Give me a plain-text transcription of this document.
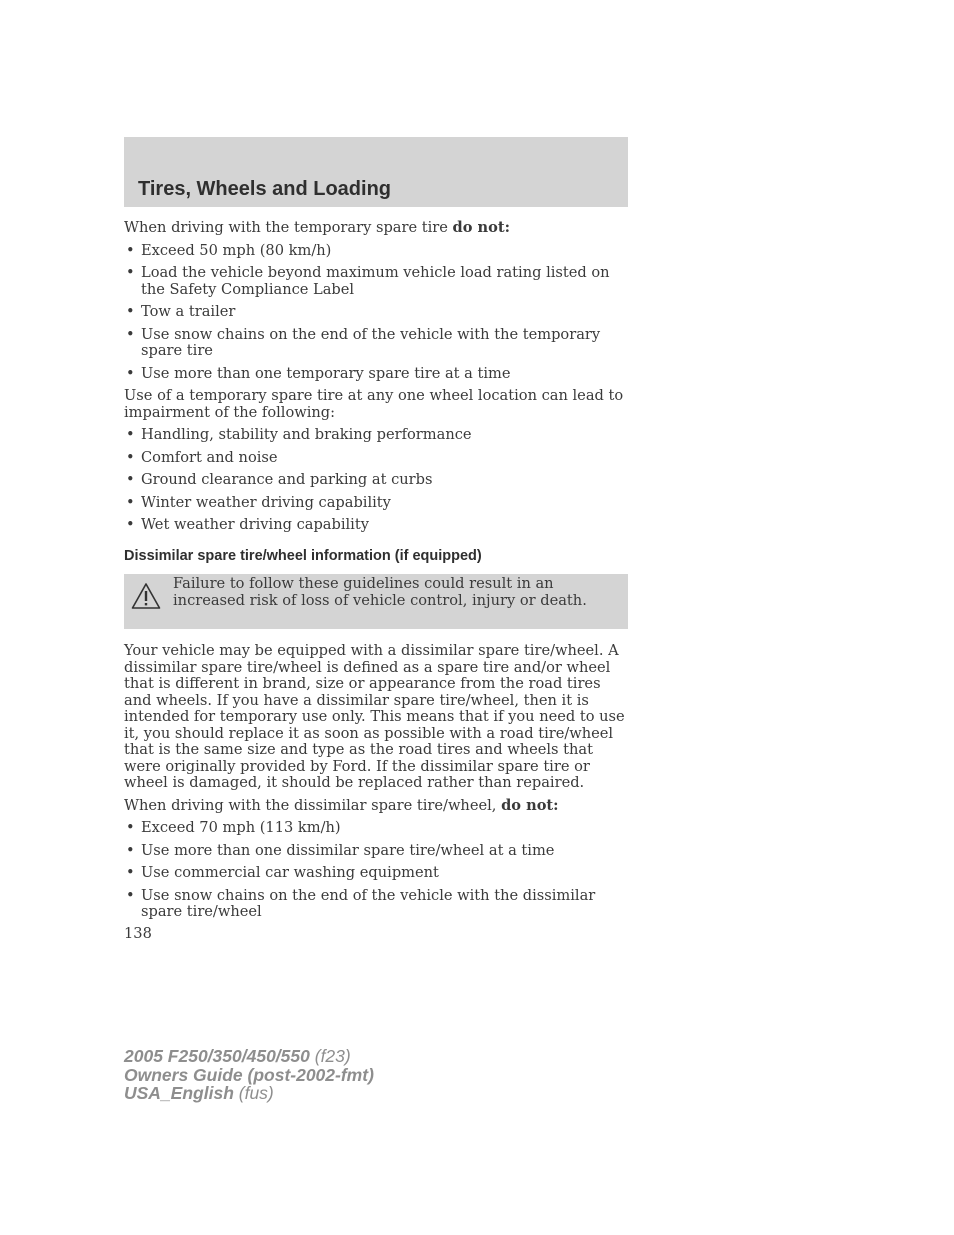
Tires, Wheels and Loading

When driving with the temporary spare tire do not:

• Exceed 50 mph (80 km/h)
• Load the vehicle beyond maximum vehicle load rating listed on the Safety Compliance Label
• Tow a trailer
• Use snow chains on the end of the vehicle with the temporary spare tire
• Use more than one temporary spare tire at a time

Use of a temporary spare tire at any one wheel location can lead to impairment of the following:

• Handling, stability and braking performance
• Comfort and noise
• Ground clearance and parking at curbs
• Winter weather driving capability
• Wet weather driving capability
Dissimilar spare tire/wheel information (if equipped)
Failure to follow these guidelines could result in an increased risk of loss of vehicle control, injury or death.

Your vehicle may be equipped with a dissimilar spare tire/wheel. A dissimilar spare tire/wheel is defined as a spare tire and/or wheel that is different in brand, size or appearance from the road tires and wheels. If you have a dissimilar spare tire/wheel, then it is intended for temporary use only. This means that if you need to use it, you should replace it as soon as possible with a road tire/wheel that is the same size and type as the road tires and wheels that were originally provided by Ford. If the dissimilar spare tire or wheel is damaged, it should be replaced rather than repaired.

When driving with the dissimilar spare tire/wheel, do not:

• Exceed 70 mph (113 km/h)
• Use more than one dissimilar spare tire/wheel at a time
• Use commercial car washing equipment
• Use snow chains on the end of the vehicle with the dissimilar spare tire/wheel
138
2005 F250/350/450/550 (f23)
Owners Guide (post-2002-fmt)
USA_English (fus)
